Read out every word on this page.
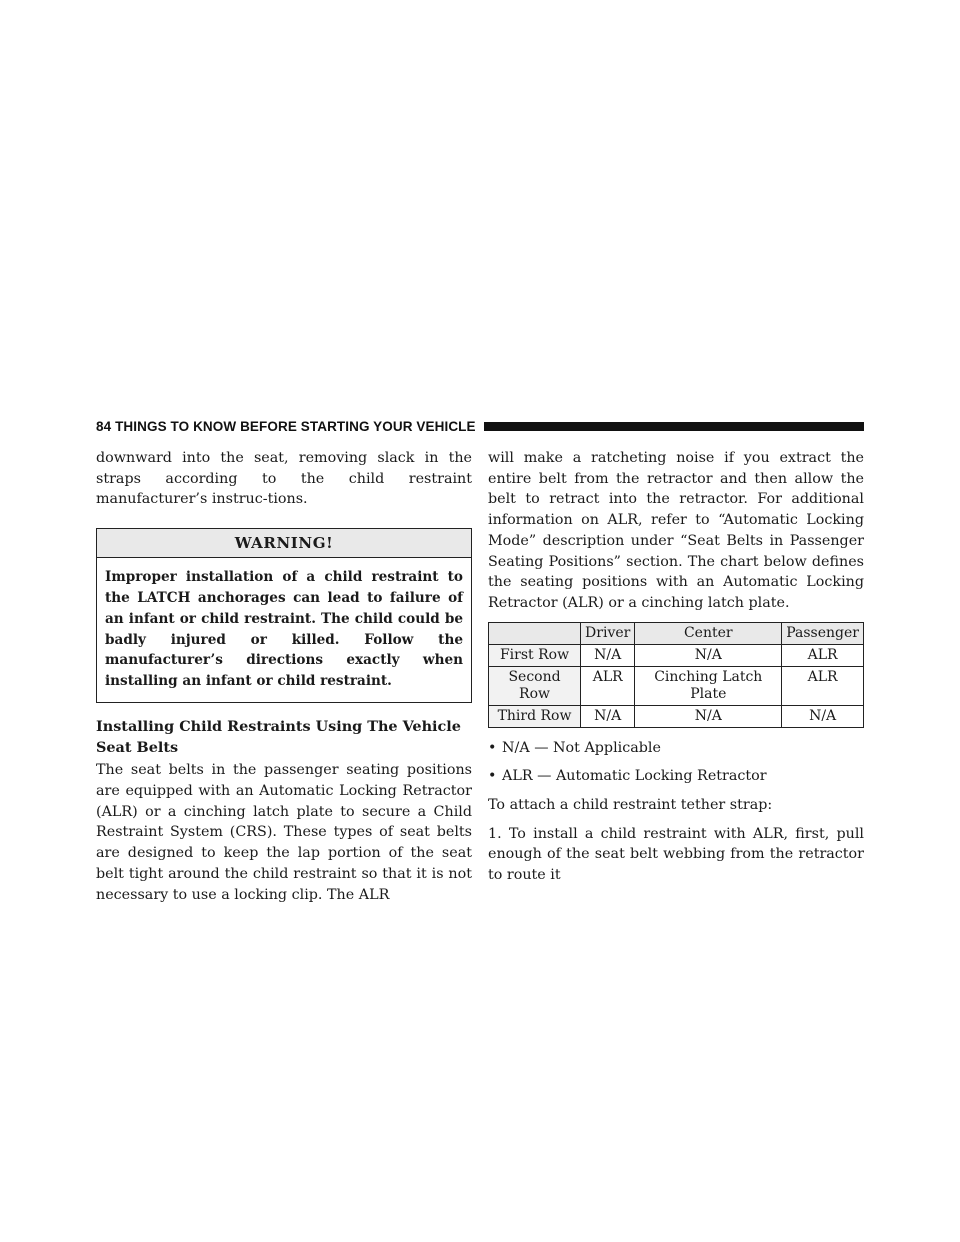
84 THINGS TO KNOW BEFORE STARTING YOUR VEHICLE

downward into the seat, removing slack in the straps according to the child restraint manufacturer’s instruc-tions.

WARNING!
Improper installation of a child restraint to the LATCH anchorages can lead to failure of an infant or child restraint. The child could be badly injured or killed. Follow the manufacturer’s directions exactly when installing an infant or child restraint.
Installing Child Restraints Using The Vehicle Seat Belts

The seat belts in the passenger seating positions are equipped with an Automatic Locking Retractor (ALR) or a cinching latch plate to secure a Child Restraint System (CRS). These types of seat belts are designed to keep the lap portion of the seat belt tight around the child restraint so that it is not necessary to use a locking clip. The ALR

will make a ratcheting noise if you extract the entire belt from the retractor and then allow the belt to retract into the retractor. For additional information on ALR, refer to “Automatic Locking Mode” description under “Seat Belts in Passenger Seating Positions” section. The chart below defines the seating positions with an Automatic Locking Retractor (ALR) or a cinching latch plate.

	Driver	Center	Passenger
First Row	N/A	N/A	ALR
Second Row	ALR	Cinching Latch Plate	ALR
Third Row	N/A	N/A	N/A
• N/A — Not Applicable
• ALR — Automatic Locking Retractor

To attach a child restraint tether strap:

1. To install a child restraint with ALR, first, pull enough of the seat belt webbing from the retractor to route it
